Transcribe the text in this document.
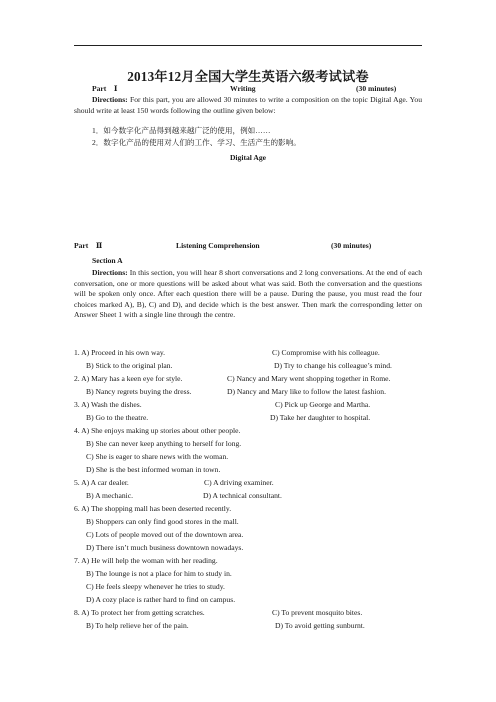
2013年12月全国大学生英语六级考试试卷
Part　Ⅰ	Writing	(30 minutes)
Directions: For this part, you are allowed 30 minutes to write a composition on the topic Digital Age. You should write at least 150 words following the outline given below:
1．如今数字化产品得到越来越广泛的使用，例如……
2．数字化产品的使用对人们的工作、学习、生活产生的影响。
Digital Age
Part　Ⅱ	Listening Comprehension	(30 minutes)
Section A
Directions: In this section, you will hear 8 short conversations and 2 long conversations. At the end of each conversation, one or more questions will be asked about what was said. Both the conversation and the questions will be spoken only once. After each question there will be a pause. During the pause, you must read the four choices marked A), B), C) and D), and decide which is the best answer. Then mark the corresponding letter on Answer Sheet 1 with a single line through the centre.
1. A) Proceed in his own way.	C) Compromise with his colleague.
B) Stick to the original plan.	D) Try to change his colleague’s mind.
2. A) Mary has a keen eye for style.	C) Nancy and Mary went shopping together in Rome.
B) Nancy regrets buying the dress.	D) Nancy and Mary like to follow the latest fashion.
3. A) Wash the dishes.	C) Pick up George and Martha.
B) Go to the theatre.	D) Take her daughter to hospital.
4. A) She enjoys making up stories about other people.
B) She can never keep anything to herself for long.
C) She is eager to share news with the woman.
D) She is the best informed woman in town.
5. A) A car dealer.	C) A driving examiner.
B) A mechanic.	D) A technical consultant.
6. A) The shopping mall has been deserted recently.
B) Shoppers can only find good stores in the mall.
C) Lots of people moved out of the downtown area.
D) There isn’t much business downtown nowadays.
7. A) He will help the woman with her reading.
B) The lounge is not a place for him to study in.
C) He feels sleepy whenever he tries to study.
D) A cozy place is rather hard to find on campus.
8. A) To protect her from getting scratches.	C) To prevent mosquito bites.
B) To help relieve her of the pain.	D) To avoid getting sunburnt.
